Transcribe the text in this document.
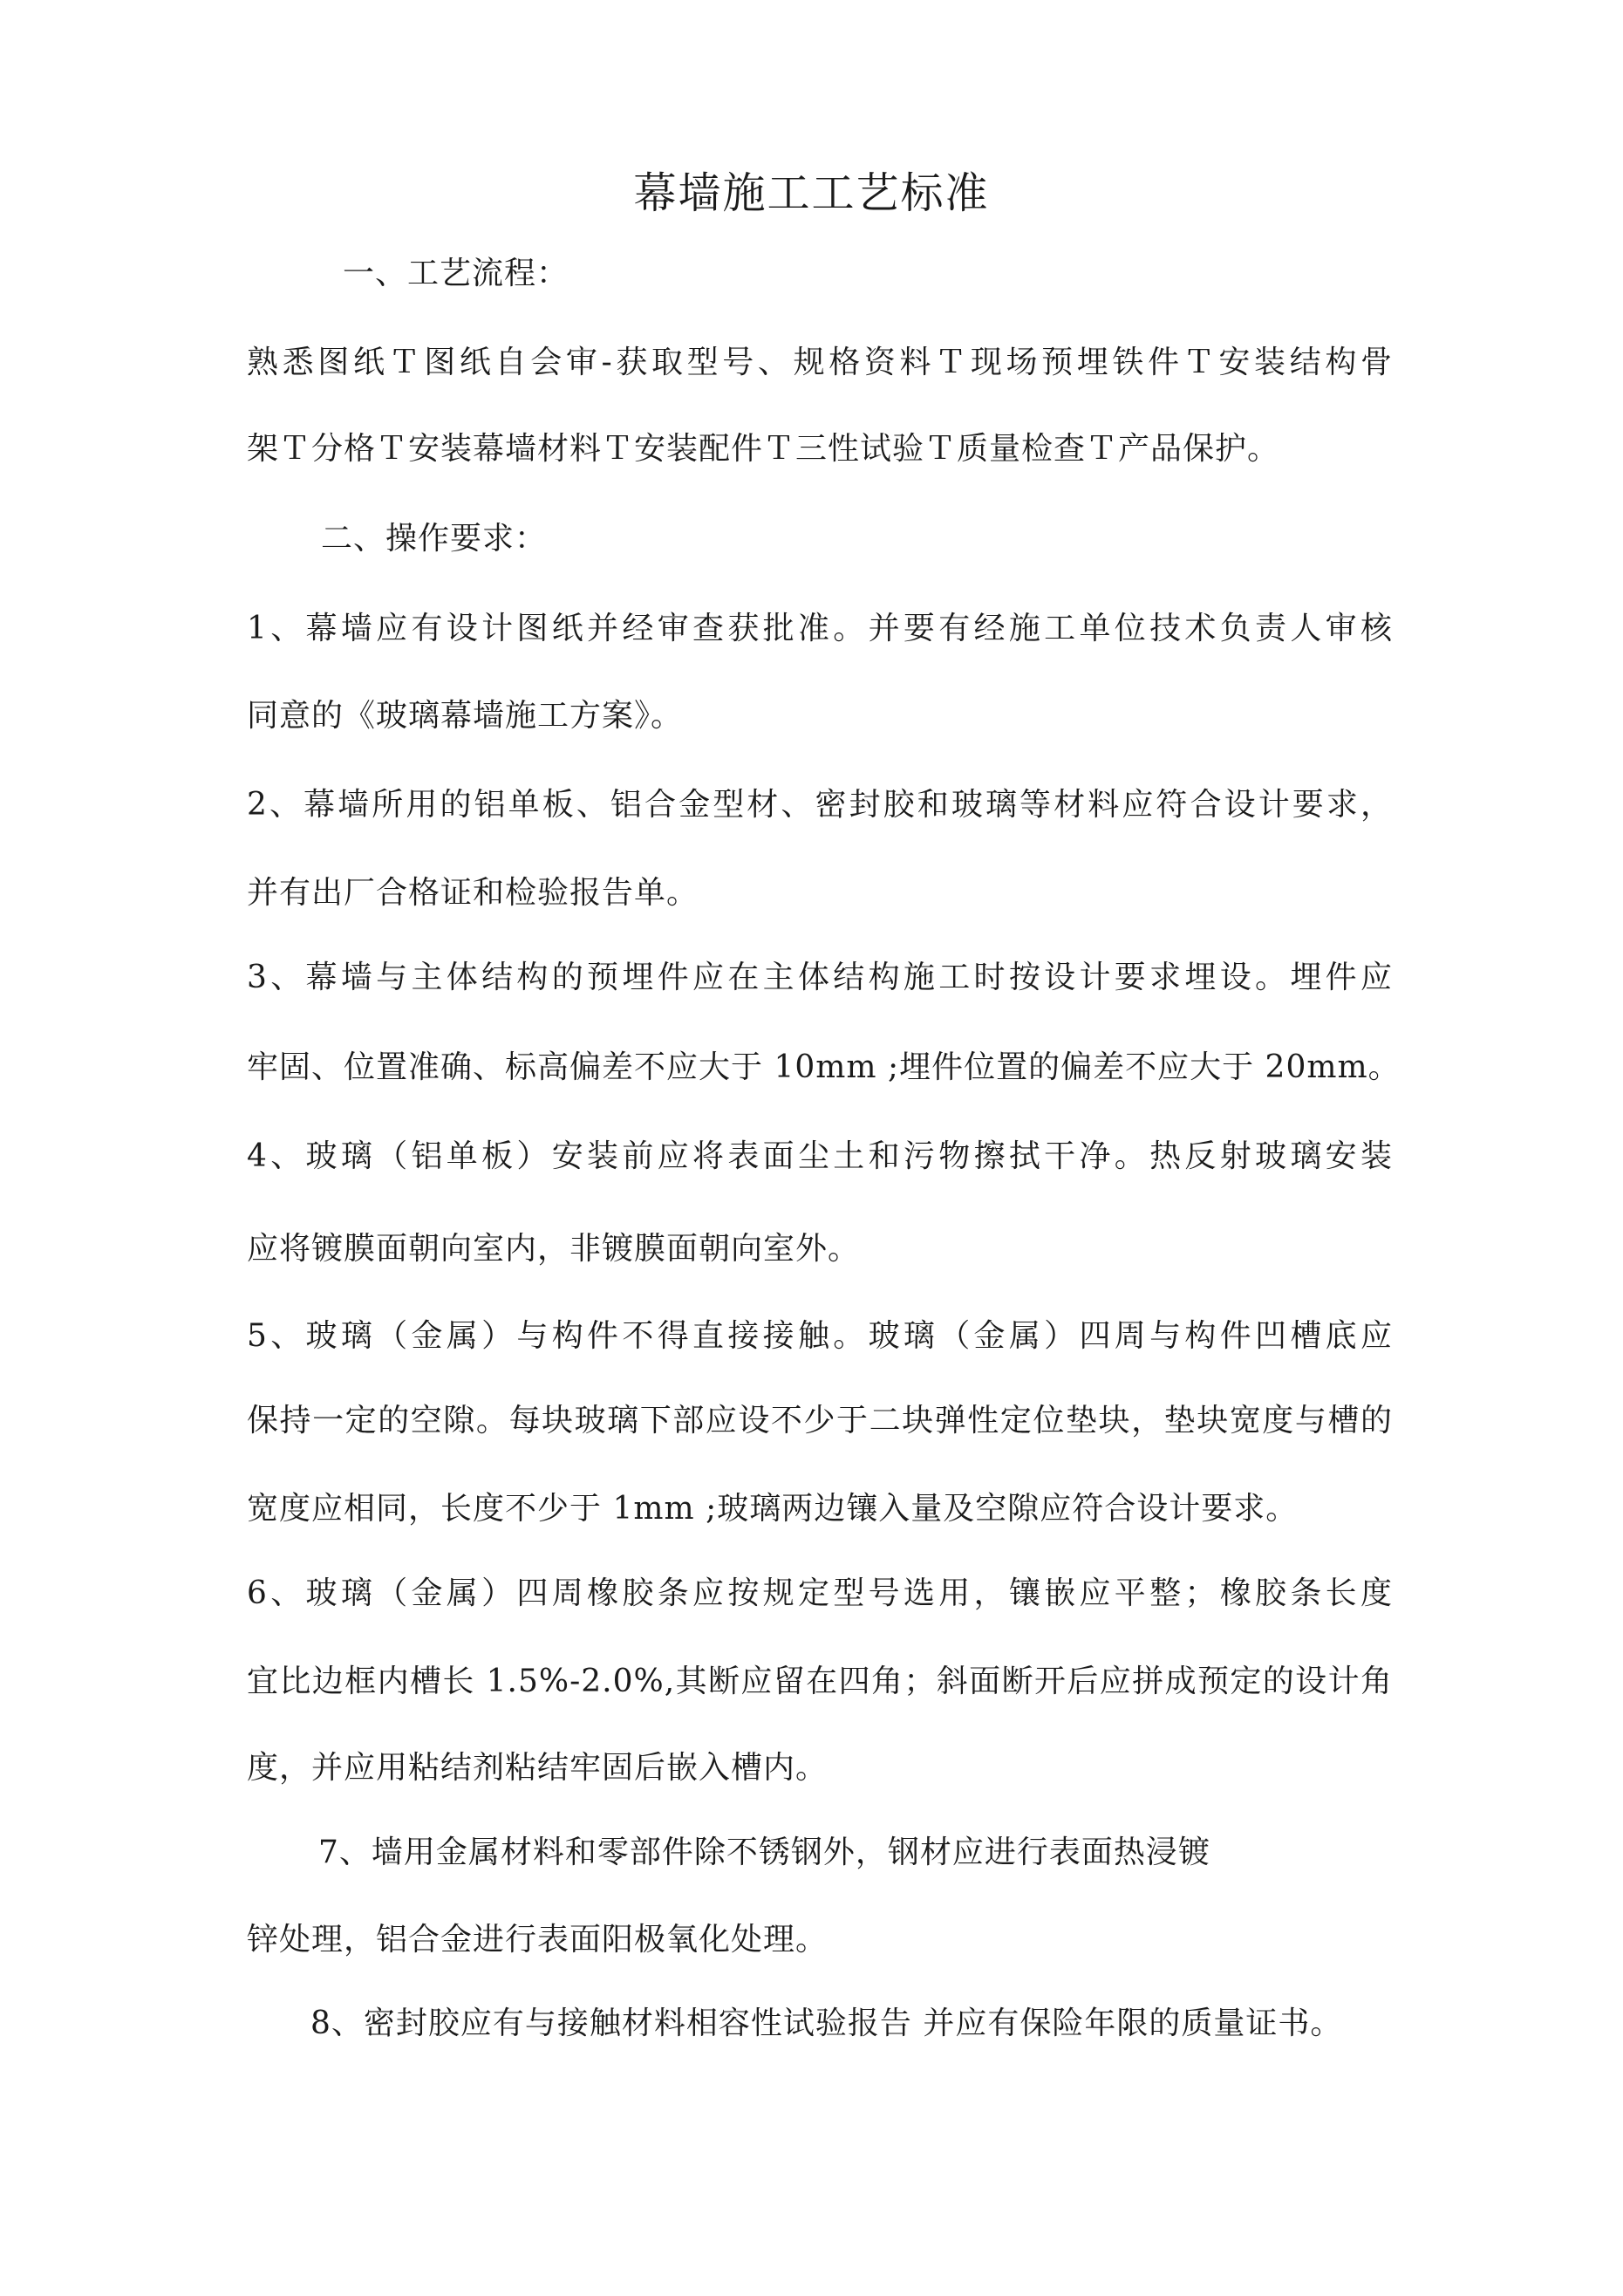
幕墙施工工艺标准
一、工艺流程：
熟悉图纸Ｔ图纸自会审-获取型号、规格资料Ｔ现场预埋铁件Ｔ安装结构骨
架Ｔ分格Ｔ安装幕墙材料Ｔ安装配件Ｔ三性试验Ｔ质量检查Ｔ产品保护。
二、操作要求：
1、幕墙应有设计图纸并经审查获批准。并要有经施工单位技术负责人审核
同意的《玻璃幕墙施工方案》。
2、幕墙所用的铝单板、铝合金型材、密封胶和玻璃等材料应符合设计要求，
并有出厂合格证和检验报告单。
3、幕墙与主体结构的预埋件应在主体结构施工时按设计要求埋设。埋件应
牢固、位置准确、标高偏差不应大于 10mm ;埋件位置的偏差不应大于 20mm。
4、玻璃（铝单板）安装前应将表面尘土和污物擦拭干净。热反射玻璃安装
应将镀膜面朝向室内，非镀膜面朝向室外。
5、玻璃（金属）与构件不得直接接触。玻璃（金属）四周与构件凹槽底应
保持一定的空隙。每块玻璃下部应设不少于二块弹性定位垫块，垫块宽度与槽的
宽度应相同，长度不少于 1mm ;玻璃两边镶入量及空隙应符合设计要求。
6、玻璃（金属）四周橡胶条应按规定型号选用，镶嵌应平整；橡胶条长度
宜比边框内槽长 1.5%-2.0%,其断应留在四角；斜面断开后应拼成预定的设计角
度，并应用粘结剂粘结牢固后嵌入槽内。
7、墙用金属材料和零部件除不锈钢外，钢材应进行表面热浸镀
锌处理，铝合金进行表面阳极氧化处理。
8、密封胶应有与接触材料相容性试验报告 并应有保险年限的质量证书。
